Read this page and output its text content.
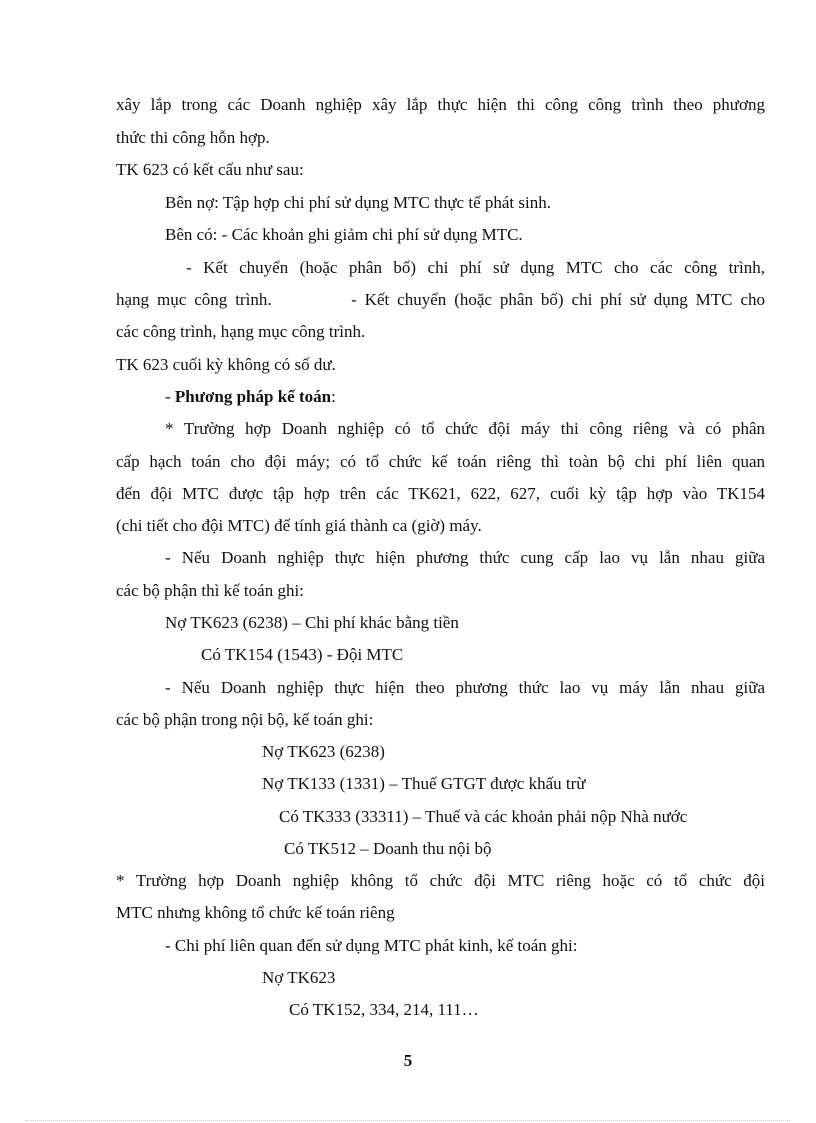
xây lắp trong các Doanh nghiệp xây lắp thực hiện thi công công trình theo phương
thức thi công hỗn hợp.
TK 623 có kết cấu như sau:
Bên nợ: Tập hợp chi phí sử dụng MTC thực tế phát sinh.
Bên có: - Các khoản ghi giảm chi phí sử dụng MTC.
- Kết chuyển (hoặc phân bổ) chi phí sử dụng MTC cho các công trình,
hạng mục công trình.          - Kết chuyển (hoặc phân bổ) chi phí sử dụng MTC cho
các công trình, hạng mục công trình.
TK 623 cuối kỳ không có số dư.
- Phương pháp kế toán:
* Trường hợp Doanh nghiệp có tổ chức đội máy thi công riêng và có phân
cấp hạch toán cho đội máy; có tổ chức kế toán riêng thì toàn bộ chi phí liên quan
đến đội MTC được tập hợp trên các TK621, 622, 627, cuối kỳ tập hợp vào TK154
(chi tiết cho đội MTC) để tính giá thành ca (giờ) máy.
- Nếu Doanh nghiệp thực hiện phương thức cung cấp lao vụ lẫn nhau giữa
các bộ phận thì kế toán ghi:
Nợ TK623 (6238) – Chi phí khác bằng tiền
Có TK154 (1543) - Đội MTC
- Nếu Doanh nghiệp thực hiện theo phương thức lao vụ máy lẫn nhau giữa
các bộ phận trong nội bộ, kế toán ghi:
Nợ TK623 (6238)
Nợ TK133 (1331) – Thuế GTGT được khấu trừ
Có TK333 (33311) – Thuế và các khoản phải nộp Nhà nước
Có TK512 – Doanh thu nội bộ
* Trường hợp Doanh nghiệp không tổ chức đội MTC riêng hoặc có tổ chức đội
MTC nhưng không tổ chức kế toán riêng
- Chi phí liên quan đến sử dụng MTC phát kinh, kế toán ghi:
Nợ TK623
Có TK152, 334, 214, 111…
5
